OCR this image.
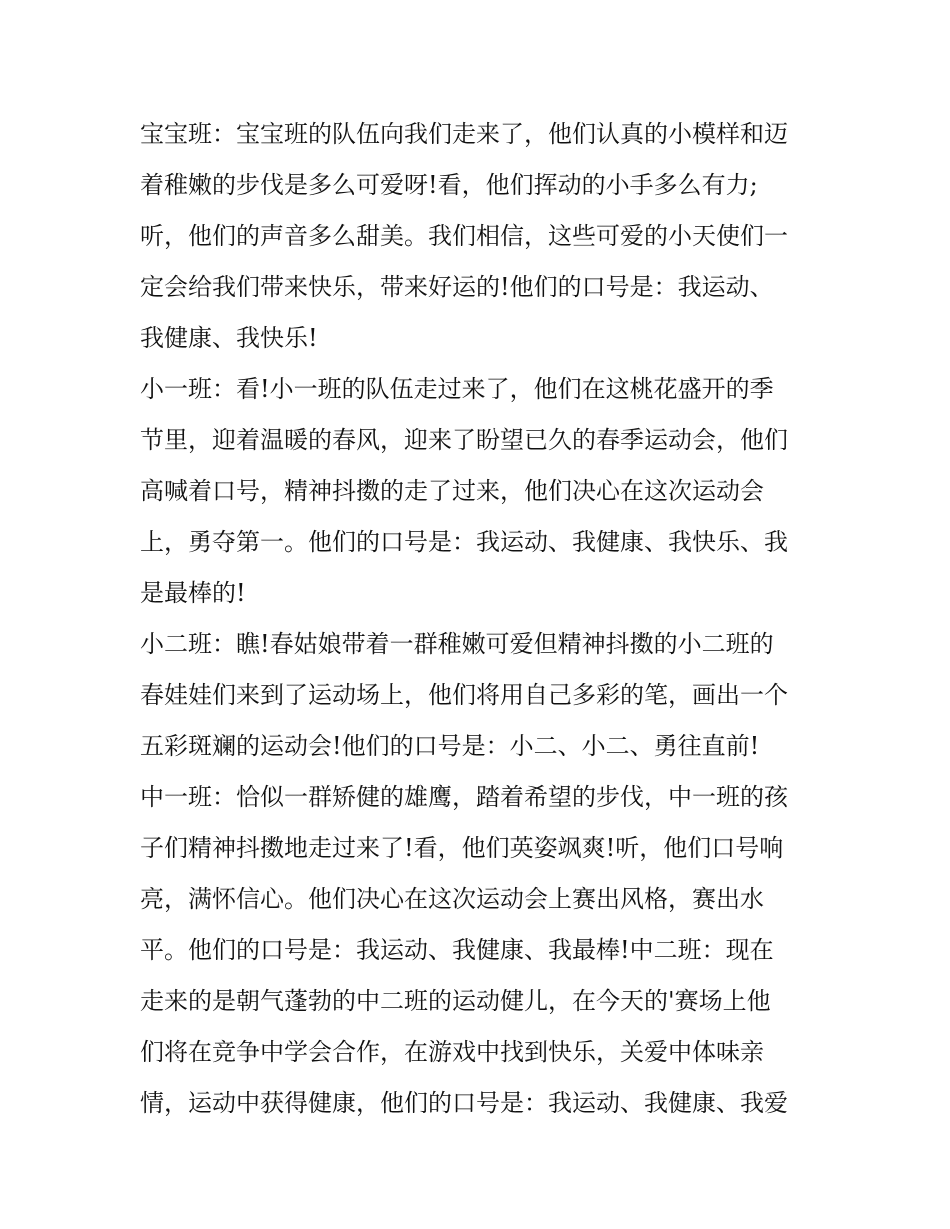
宝宝班：宝宝班的队伍向我们走来了，他们认真的小模样和迈
着稚嫩的步伐是多么可爱呀!看，他们挥动的小手多么有力;
听，他们的声音多么甜美。我们相信，这些可爱的小天使们一
定会给我们带来快乐，带来好运的!他们的口号是：我运动、
我健康、我快乐!
小一班：看!小一班的队伍走过来了，他们在这桃花盛开的季
节里，迎着温暖的春风，迎来了盼望已久的春季运动会，他们
高喊着口号，精神抖擞的走了过来，他们决心在这次运动会
上，勇夺第一。他们的口号是：我运动、我健康、我快乐、我
是最棒的!
小二班：瞧!春姑娘带着一群稚嫩可爱但精神抖擞的小二班的
春娃娃们来到了运动场上，他们将用自己多彩的笔，画出一个
五彩斑斓的运动会!他们的口号是：小二、小二、勇往直前!
中一班：恰似一群矫健的雄鹰，踏着希望的步伐，中一班的孩
子们精神抖擞地走过来了!看，他们英姿飒爽!听，他们口号响
亮，满怀信心。他们决心在这次运动会上赛出风格，赛出水
平。他们的口号是：我运动、我健康、我最棒!中二班：现在
走来的是朝气蓬勃的中二班的运动健儿，在今天的'赛场上他
们将在竞争中学会合作，在游戏中找到快乐，关爱中体味亲
情，运动中获得健康，他们的口号是：我运动、我健康、我爱
